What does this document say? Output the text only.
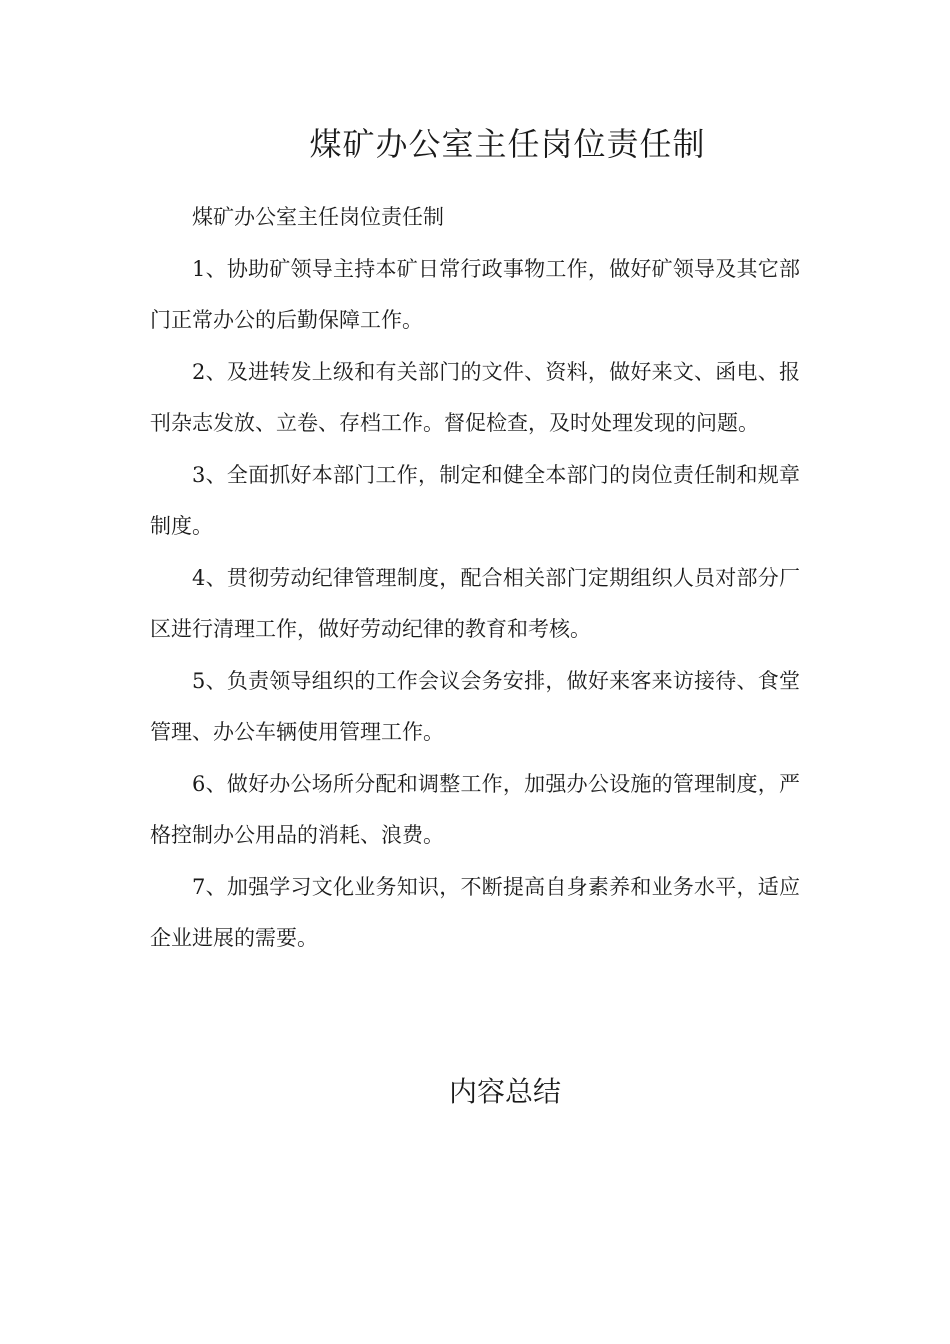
煤矿办公室主任岗位责任制

煤矿办公室主任岗位责任制

1、协助矿领导主持本矿日常行政事物工作，做好矿领导及其它部门正常办公的后勤保障工作。

2、及进转发上级和有关部门的文件、资料，做好来文、函电、报刊杂志发放、立卷、存档工作。督促检查，及时处理发现的问题。

3、全面抓好本部门工作，制定和健全本部门的岗位责任制和规章制度。

4、贯彻劳动纪律管理制度，配合相关部门定期组织人员对部分厂区进行清理工作，做好劳动纪律的教育和考核。

5、负责领导组织的工作会议会务安排，做好来客来访接待、食堂管理、办公车辆使用管理工作。

6、做好办公场所分配和调整工作，加强办公设施的管理制度，严格控制办公用品的消耗、浪费。

7、加强学习文化业务知识，不断提高自身素养和业务水平，适应企业进展的需要。

内容总结
